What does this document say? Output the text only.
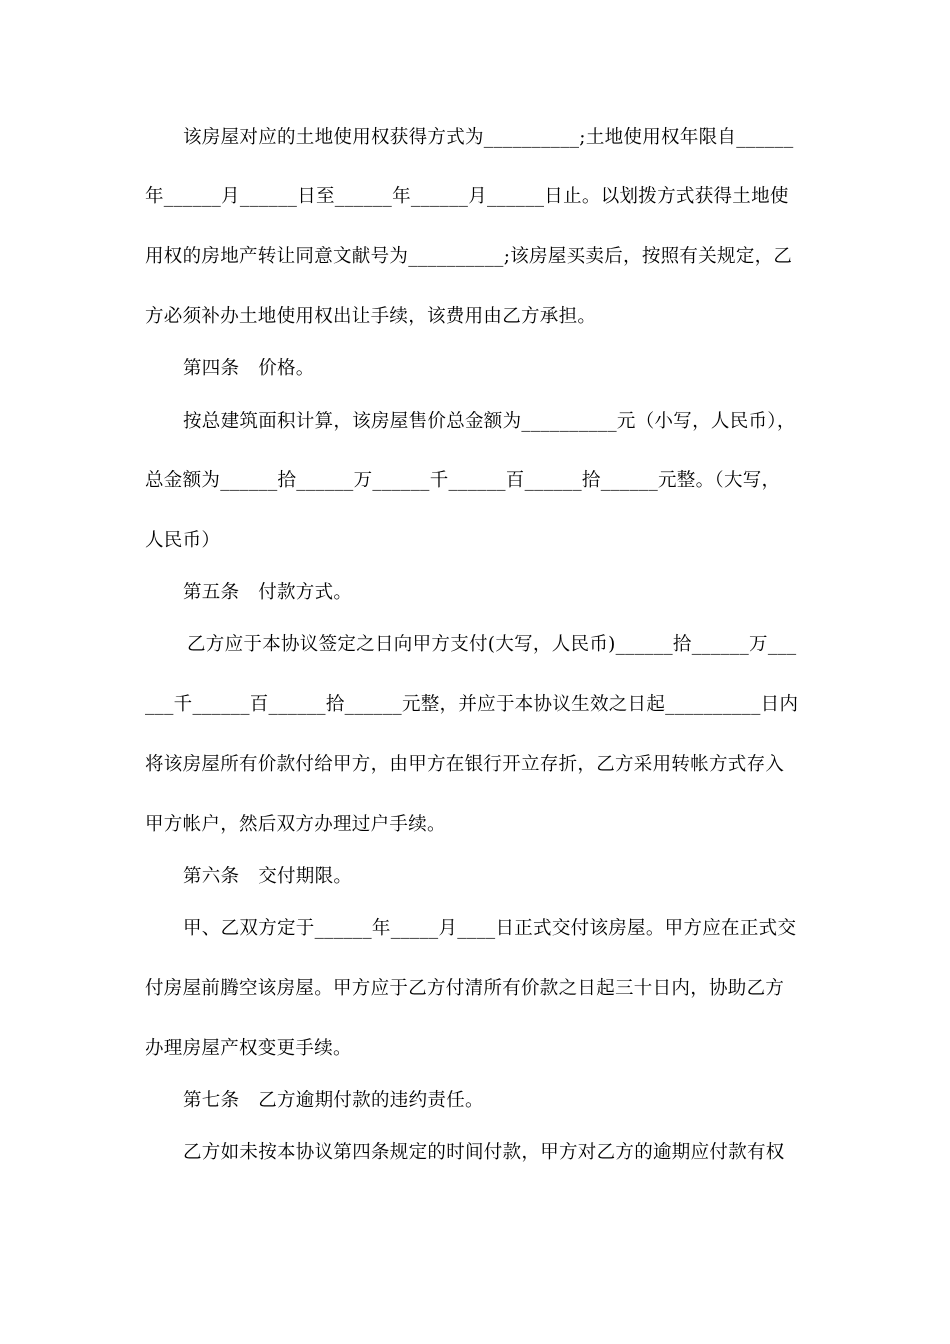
该房屋对应的土地使用权获得方式为__________;土地使用权年限自______
年______月______日至______年______月______日止。以划拨方式获得土地使
用权的房地产转让同意文献号为__________;该房屋买卖后，按照有关规定，乙
方必须补办土地使用权出让手续，该费用由乙方承担。
第四条　价格。
按总建筑面积计算，该房屋售价总金额为__________元（小写，人民币），
总金额为______拾______万______千______百______拾______元整。（大写，
人民币）
第五条　付款方式。
乙方应于本协议签定之日向甲方支付(大写，人民币)______拾______万___
___千______百______拾______元整，并应于本协议生效之日起__________日内
将该房屋所有价款付给甲方，由甲方在银行开立存折，乙方采用转帐方式存入
甲方帐户，然后双方办理过户手续。
第六条　交付期限。
甲、乙双方定于______年_____月____日正式交付该房屋。甲方应在正式交
付房屋前腾空该房屋。甲方应于乙方付清所有价款之日起三十日内，协助乙方
办理房屋产权变更手续。
第七条　乙方逾期付款的违约责任。
乙方如未按本协议第四条规定的时间付款，甲方对乙方的逾期应付款有权
